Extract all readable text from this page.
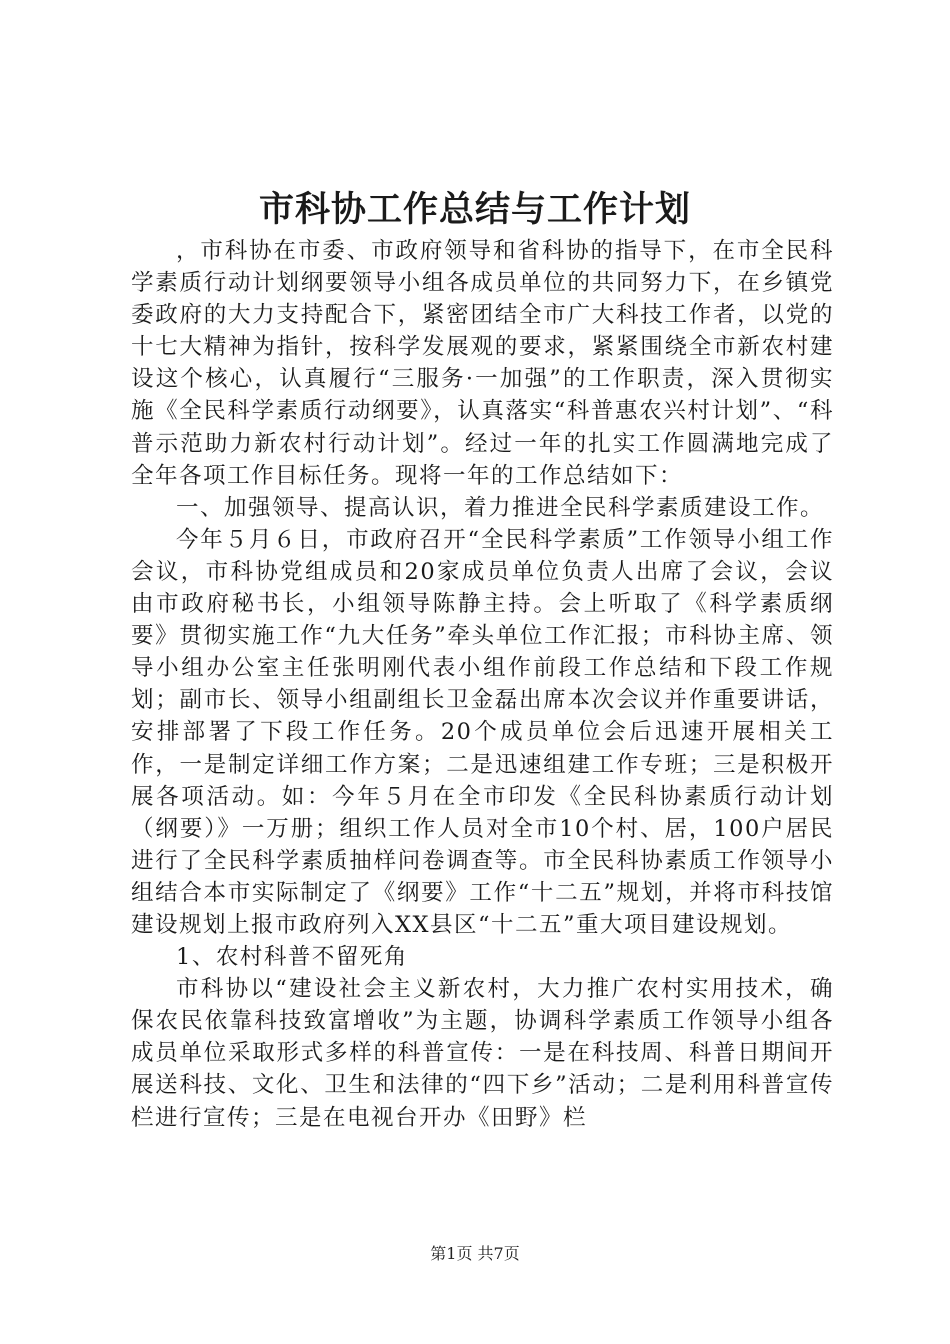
市科协工作总结与工作计划

，市科协在市委、市政府领导和省科协的指导下，在市全民科学素质行动计划纲要领导小组各成员单位的共同努力下，在乡镇党委政府的大力支持配合下，紧密团结全市广大科技工作者，以党的十七大精神为指针，按科学发展观的要求，紧紧围绕全市新农村建设这个核心，认真履行“三服务·一加强”的工作职责，深入贯彻实施《全民科学素质行动纲要》，认真落实“科普惠农兴村计划”、“科普示范助力新农村行动计划”。经过一年的扎实工作圆满地完成了全年各项工作目标任务。现将一年的工作总结如下：

一、加强领导、提高认识，着力推进全民科学素质建设工作。

今年５月６日，市政府召开“全民科学素质”工作领导小组工作会议，市科协党组成员和20家成员单位负责人出席了会议，会议由市政府秘书长，小组领导陈静主持。会上听取了《科学素质纲要》贯彻实施工作“九大任务”牵头单位工作汇报；市科协主席、领导小组办公室主任张明刚代表小组作前段工作总结和下段工作规划；副市长、领导小组副组长卫金磊出席本次会议并作重要讲话，安排部署了下段工作任务。20个成员单位会后迅速开展相关工作，一是制定详细工作方案；二是迅速组建工作专班；三是积极开展各项活动。如：今年５月在全市印发《全民科协素质行动计划（纲要）》一万册；组织工作人员对全市10个村、居，100户居民进行了全民科学素质抽样问卷调查等。市全民科协素质工作领导小组结合本市实际制定了《纲要》工作“十二五”规划，并将市科技馆建设规划上报市政府列入XX县区“十二五”重大项目建设规划。

1、农村科普不留死角

市科协以“建设社会主义新农村，大力推广农村实用技术，确保农民依靠科技致富增收”为主题，协调科学素质工作领导小组各成员单位采取形式多样的科普宣传：一是在科技周、科普日期间开展送科技、文化、卫生和法律的“四下乡”活动；二是利用科普宣传栏进行宣传；三是在电视台开办《田野》栏

第1页 共7页
